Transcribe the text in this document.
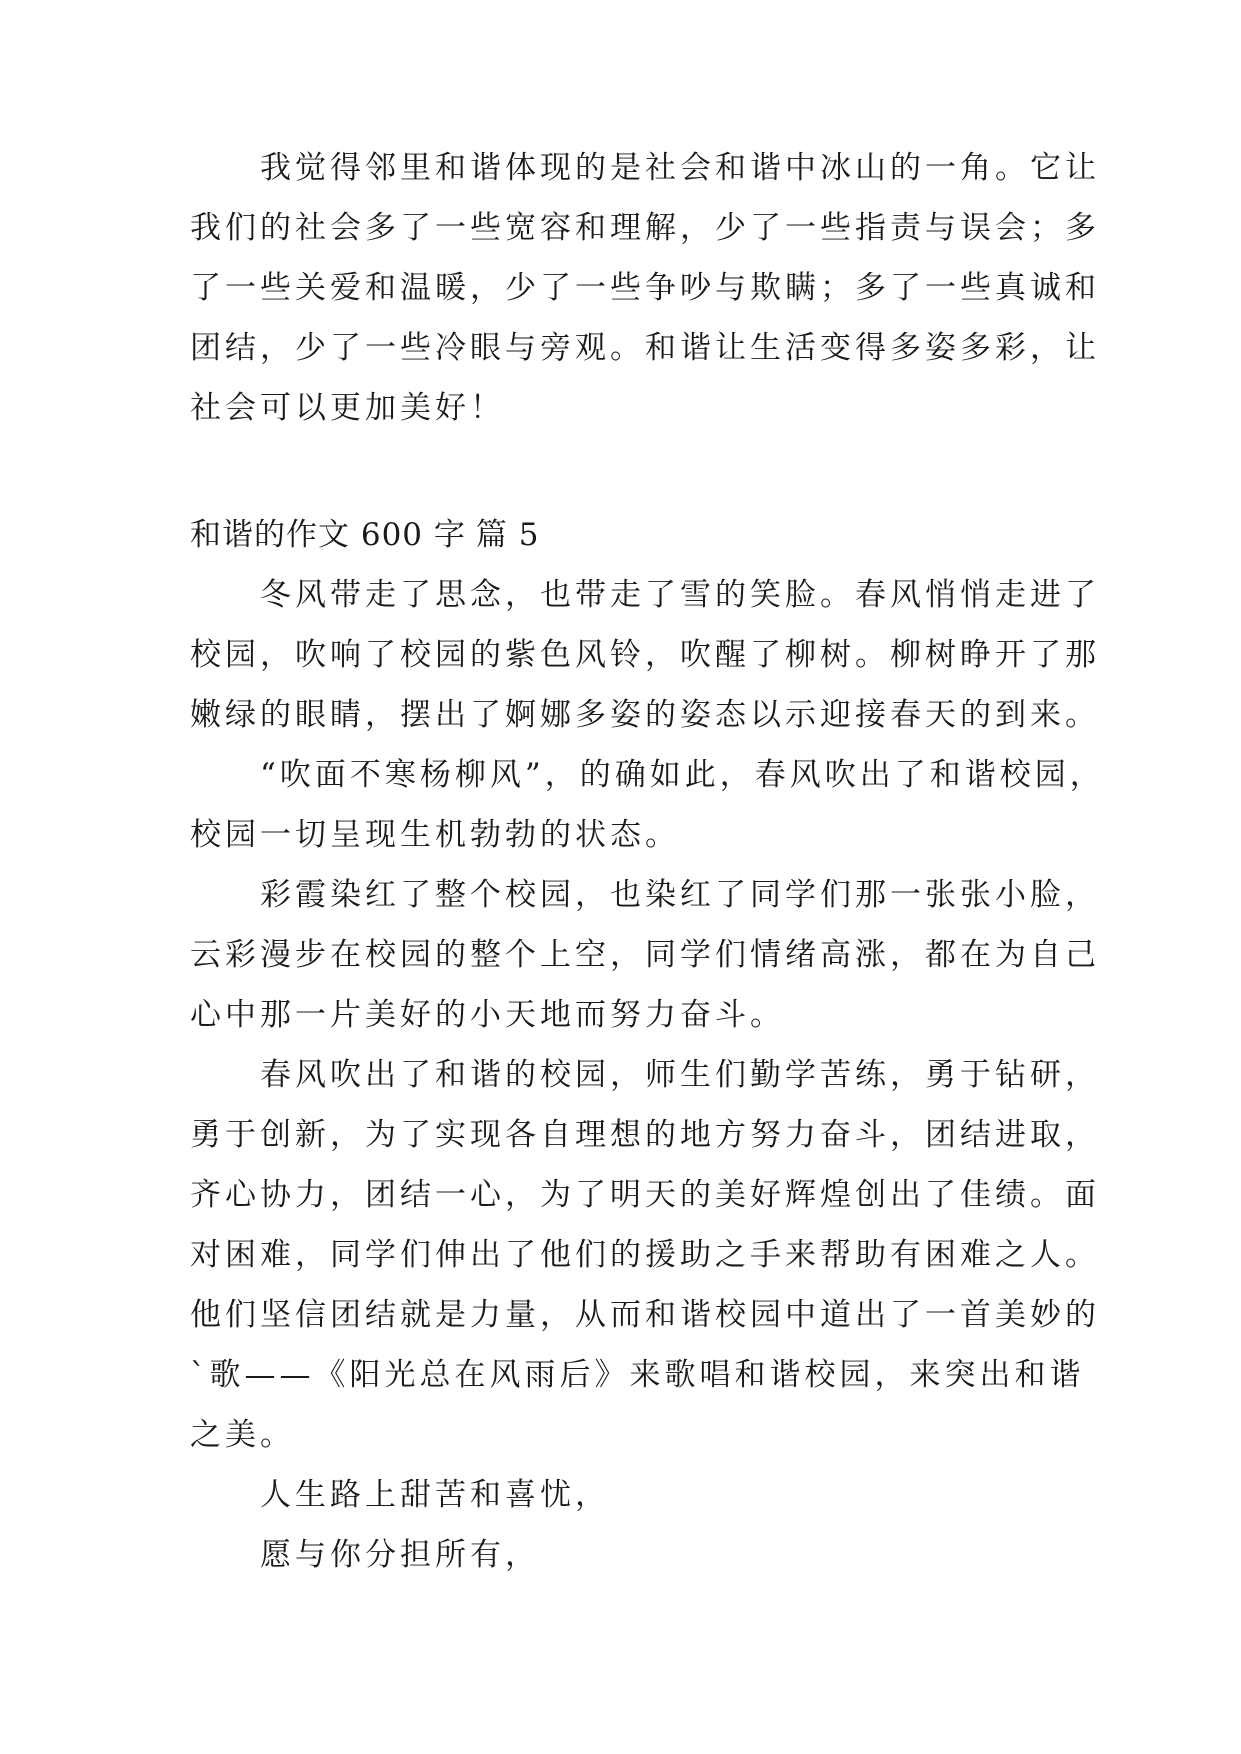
　　我觉得邻里和谐体现的是社会和谐中冰山的一角。它让
我们的社会多了一些宽容和理解，少了一些指责与误会；多
了一些关爱和温暖，少了一些争吵与欺瞒；多了一些真诚和
团结，少了一些冷眼与旁观。和谐让生活变得多姿多彩，让
社会可以更加美好！
和谐的作文 600 字 篇 5
　　冬风带走了思念，也带走了雪的笑脸。春风悄悄走进了
校园，吹响了校园的紫色风铃，吹醒了柳树。柳树睁开了那
嫩绿的眼睛，摆出了婀娜多姿的姿态以示迎接春天的到来。
　　“吹面不寒杨柳风”，的确如此，春风吹出了和谐校园，
校园一切呈现生机勃勃的状态。
　　彩霞染红了整个校园，也染红了同学们那一张张小脸，
云彩漫步在校园的整个上空，同学们情绪高涨，都在为自己
心中那一片美好的小天地而努力奋斗。
　　春风吹出了和谐的校园，师生们勤学苦练，勇于钻研，
勇于创新，为了实现各自理想的地方努力奋斗，团结进取，
齐心协力，团结一心，为了明天的美好辉煌创出了佳绩。面
对困难，同学们伸出了他们的援助之手来帮助有困难之人。
他们坚信团结就是力量，从而和谐校园中道出了一首美妙的
`歌——《阳光总在风雨后》来歌唱和谐校园，来突出和谐
之美。
　　人生路上甜苦和喜忧，
　　愿与你分担所有，
